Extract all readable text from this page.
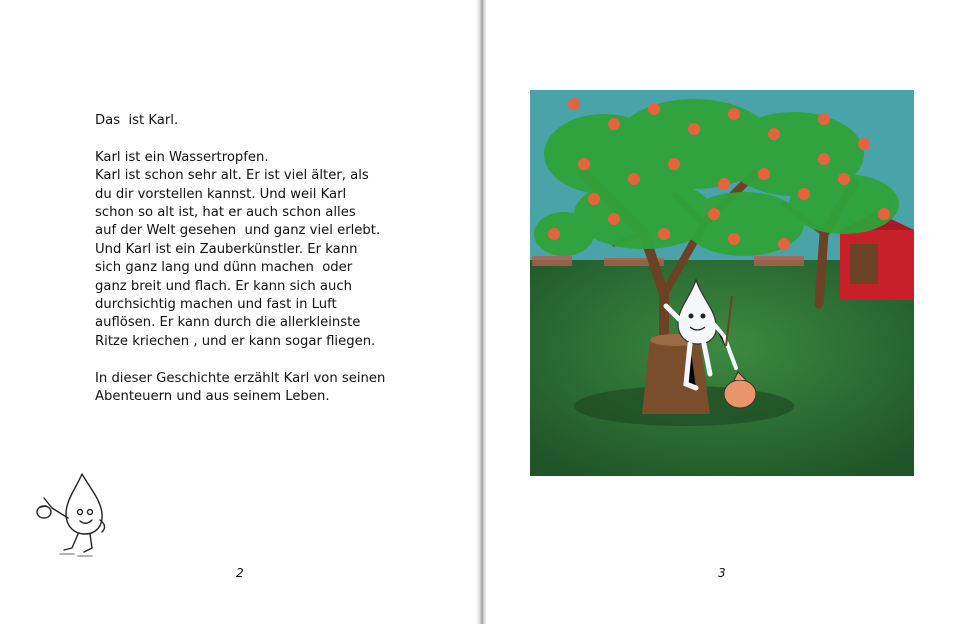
Das  ist Karl.

Karl ist ein Wassertropfen.

Karl ist schon sehr alt. Er ist viel älter, als

du dir vorstellen kannst. Und weil Karl

schon so alt ist, hat er auch schon alles

auf der Welt gesehen  und ganz viel erlebt.

Und Karl ist ein Zauberkünstler. Er kann

sich ganz lang und dünn machen  oder

ganz breit und flach. Er kann sich auch

durchsichtig machen und fast in Luft

auflösen. Er kann durch die allerkleinste

Ritze kriechen , und er kann sogar fliegen.

In dieser Geschichte erzählt Karl von seinen

Abenteuern und aus seinem Leben.

2	3
